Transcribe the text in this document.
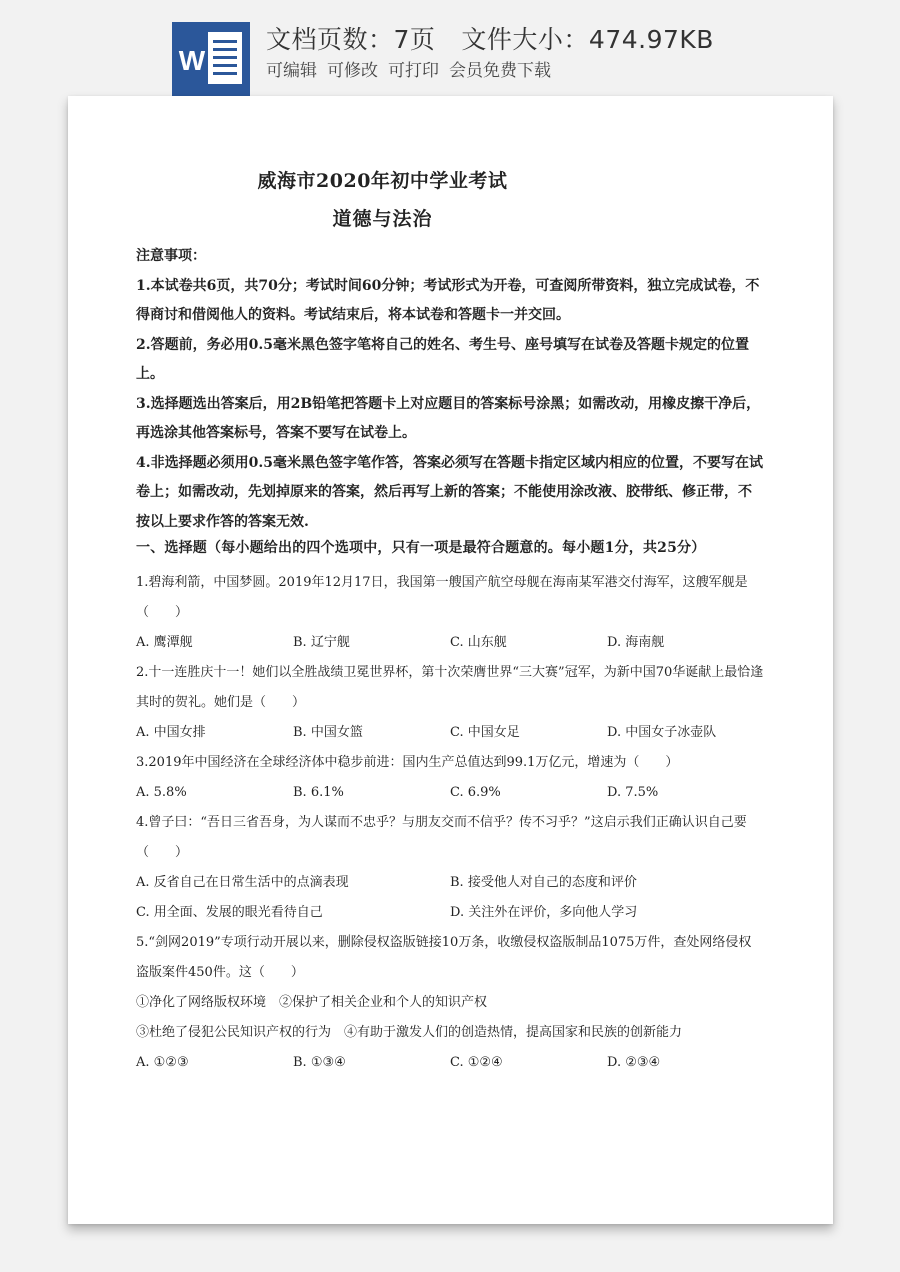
W
文档页数：7页 文件大小：474.97KB
可编辑 可修改 可打印 会员免费下载
威海市2020年初中学业考试
道德与法治

注意事项：

1.本试卷共6页，共70分；考试时间60分钟；考试形式为开卷，可查阅所带资料，独立完成试卷，不得商讨和借阅他人的资料。考试结束后，将本试卷和答题卡一并交回。

2.答题前，务必用0.5毫米黑色签字笔将自己的姓名、考生号、座号填写在试卷及答题卡规定的位置上。

3.选择题选出答案后，用2B铅笔把答题卡上对应题目的答案标号涂黑；如需改动，用橡皮擦干净后，再选涂其他答案标号，答案不要写在试卷上。

4.非选择题必须用0.5毫米黑色签字笔作答，答案必须写在答题卡指定区域内相应的位置，不要写在试卷上；如需改动，先划掉原来的答案，然后再写上新的答案；不能使用涂改液、胶带纸、修正带，不按以上要求作答的答案无效.

一、选择题（每小题给出的四个选项中，只有一项是最符合题意的。每小题1分，共25分）

1.碧海利箭，中国梦圆。2019年12月17日，我国第一艘国产航空母舰在海南某军港交付海军，这艘军舰是（　　）

A. 鹰潭舰	B. 辽宁舰	C. 山东舰	D. 海南舰

2.十一连胜庆十一！她们以全胜战绩卫冕世界杯，第十次荣膺世界“三大赛”冠军，为新中国70华诞献上最恰逢其时的贺礼。她们是（　　）

A. 中国女排	B. 中国女篮	C. 中国女足	D. 中国女子冰壶队

3.2019年中国经济在全球经济体中稳步前进：国内生产总值达到99.1万亿元，增速为（　　）

A. 5.8%	B. 6.1%	C. 6.9%	D. 7.5%

4.曾子曰：“吾日三省吾身，为人谋而不忠乎？与朋友交而不信乎？传不习乎？”这启示我们正确认识自己要（　　）

A. 反省自己在日常生活中的点滴表现	B. 接受他人对自己的态度和评价
C. 用全面、发展的眼光看待自己	D. 关注外在评价，多向他人学习

5.“剑网2019”专项行动开展以来，删除侵权盗版链接10万条，收缴侵权盗版制品1075万件，查处网络侵权盗版案件450件。这（　　）

①净化了网络版权环境　②保护了相关企业和个人的知识产权

③杜绝了侵犯公民知识产权的行为　④有助于激发人们的创造热情，提高国家和民族的创新能力

A. ①②③	B. ①③④	C. ①②④	D. ②③④
